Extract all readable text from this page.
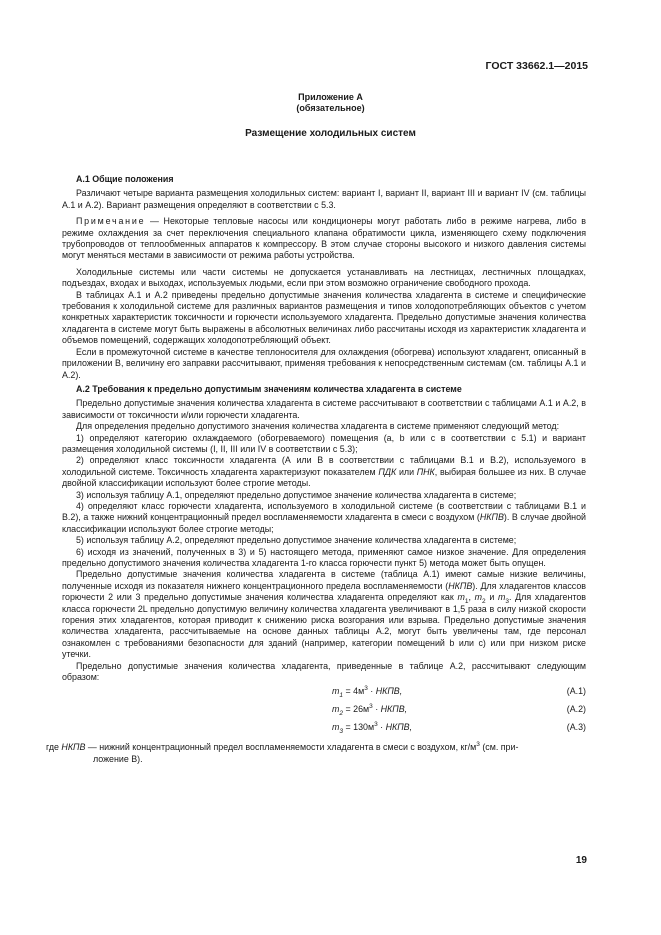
ГОСТ 33662.1—2015
Приложение А
(обязательное)
Размещение холодильных систем
А.1 Общие положения

Различают четыре варианта размещения холодильных систем: вариант I, вариант II, вариант III и вариант IV (см. таблицы А.1 и А.2). Вариант размещения определяют в соответствии с 5.3.

Примечание — Некоторые тепловые насосы или кондиционеры могут работать либо в режиме нагрева, либо в режиме охлаждения за счет переключения специального клапана обратимости цикла, изменяющего схему подключения трубопроводов от теплообменных аппаратов к компрессору. В этом случае стороны высокого и низкого давления системы могут меняться местами в зависимости от режима работы устройства.

Холодильные системы или части системы не допускается устанавливать на лестницах, лестничных площадках, подъездах, входах и выходах, используемых людьми, если при этом возможно ограничение свободного прохода.

В таблицах А.1 и А.2 приведены предельно допустимые значения количества хладагента в системе и специфические требования к холодильной системе для различных вариантов размещения и типов холодопотребляющих объектов с учетом конкретных характеристик токсичности и горючести используемого хладагента. Предельно допустимые значения количества хладагента в системе могут быть выражены в абсолютных величинах либо рассчитаны исходя из характеристик хладагента и объемов помещений, содержащих холодопотребляющий объект.

Если в промежуточной системе в качестве теплоносителя для охлаждения (обогрева) используют хладагент, описанный в приложении В, величину его заправки рассчитывают, применяя требования к непосредственным системам (см. таблицы А.1 и А.2).

А.2 Требования к предельно допустимым значениям количества хладагента в системе

Предельно допустимые значения количества хладагента в системе рассчитывают в соответствии с таблицами А.1 и А.2, в зависимости от токсичности и/или горючести хладагента.

Для определения предельно допустимого значения количества хладагента в системе применяют следующий метод:

1) определяют категорию охлаждаемого (обогреваемого) помещения (а, b или с в соответствии с 5.1) и вариант размещения холодильной системы (I, II, III или IV в соответствии с 5.3);

2) определяют класс токсичности хладагента (А или В в соответствии с таблицами В.1 и В.2), используемого в холодильной системе. Токсичность хладагента характеризуют показателем ПДК или ПНК, выбирая большее из них. В случае двойной классификации используют более строгие методы.

3) используя таблицу А.1, определяют предельно допустимое значение количества хладагента в системе;

4) определяют класс горючести хладагента, используемого в холодильной системе (в соответствии с таблицами В.1 и В.2), а также нижний концентрационный предел воспламеняемости хладагента в смеси с воздухом (НКПВ). В случае двойной классификации используют более строгие методы;

5) используя таблицу А.2, определяют предельно допустимое значение количества хладагента в системе;

6) исходя из значений, полученных в 3) и 5) настоящего метода, применяют самое низкое значение. Для определения предельно допустимого значения количества хладагента 1-го класса горючести пункт 5) метода может быть опущен.

Предельно допустимые значения количества хладагента в системе (таблица А.1) имеют самые низкие величины, полученные исходя из показателя нижнего концентрационного предела воспламеняемости (НКПВ). Для хладагентов классов горючести 2 или 3 предельно допустимые значения количества хладагента определяют как $m_1$, $m_2$ и $m_3$. Для хладагентов класса горючести 2L предельно допустимую величину количества хладагента увеличивают в 1,5 раза в силу низкой скорости горения этих хладагентов, которая приводит к снижению риска возгорания или взрыва. Предельно допустимые значения количества хладагента, рассчитываемые на основе данных таблицы А.2, могут быть увеличены там, где персонал ознакомлен с требованиями безопасности для зданий (например, категории помещений b или с) или при низком риске утечки.

Предельно допустимые значения количества хладагента, приведенные в таблице А.2, рассчитывают следующим образом:

$m_1 = 4м^3$ · НКПВ,	(А.1)
$m_2 = 26м^3$ · НКПВ,	(А.2)
$m_3 = 130м^3$ · НКПВ,	(А.3)
где НКПВ — нижний концентрационный предел воспламеняемости хладагента в смеси с воздухом, $кг/м^3$ (см. при-
ложение В).
19
